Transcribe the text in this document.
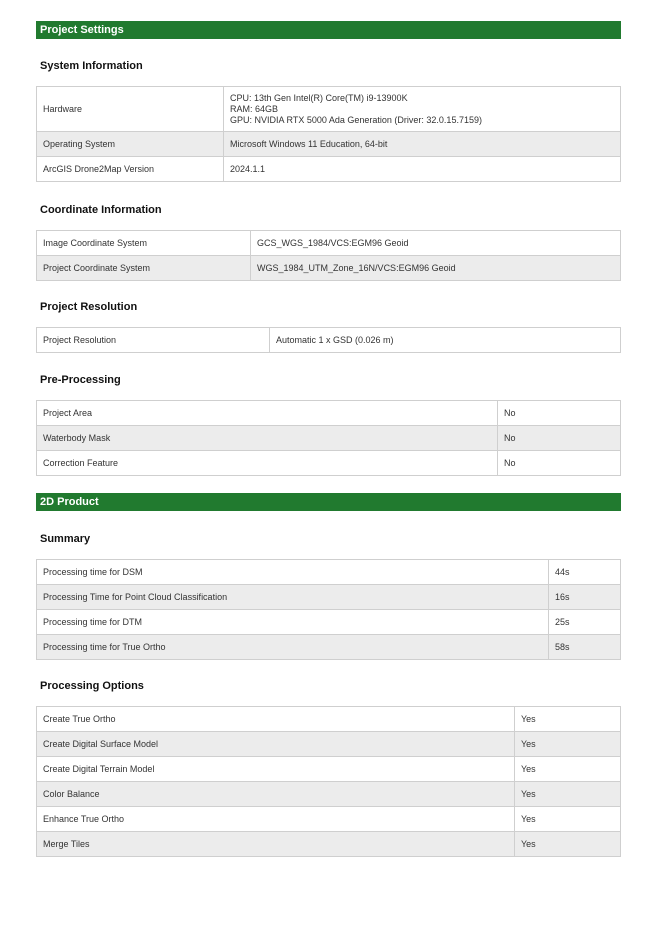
Project Settings
System Information
Hardware	CPU: 13th Gen Intel(R) Core(TM) i9-13900K
RAM: 64GB
GPU: NVIDIA RTX 5000 Ada Generation (Driver: 32.0.15.7159)

Operating System	Microsoft Windows 11 Education, 64-bit
ArcGIS Drone2Map Version	2024.1.1
Coordinate Information
Image Coordinate System	GCS_WGS_1984/VCS:EGM96 Geoid
Project Coordinate System	WGS_1984_UTM_Zone_16N/VCS:EGM96 Geoid
Project Resolution
Project Resolution	Automatic 1 x GSD (0.026 m)
Pre-Processing
Project Area	No
Waterbody Mask	No
Correction Feature	No
2D Product
Summary
Processing time for DSM	44s
Processing Time for Point Cloud Classification	16s
Processing time for DTM	25s
Processing time for True Ortho	58s
Processing Options
Create True Ortho	Yes
Create Digital Surface Model	Yes
Create Digital Terrain Model	Yes
Color Balance	Yes
Enhance True Ortho	Yes
Merge Tiles	Yes
